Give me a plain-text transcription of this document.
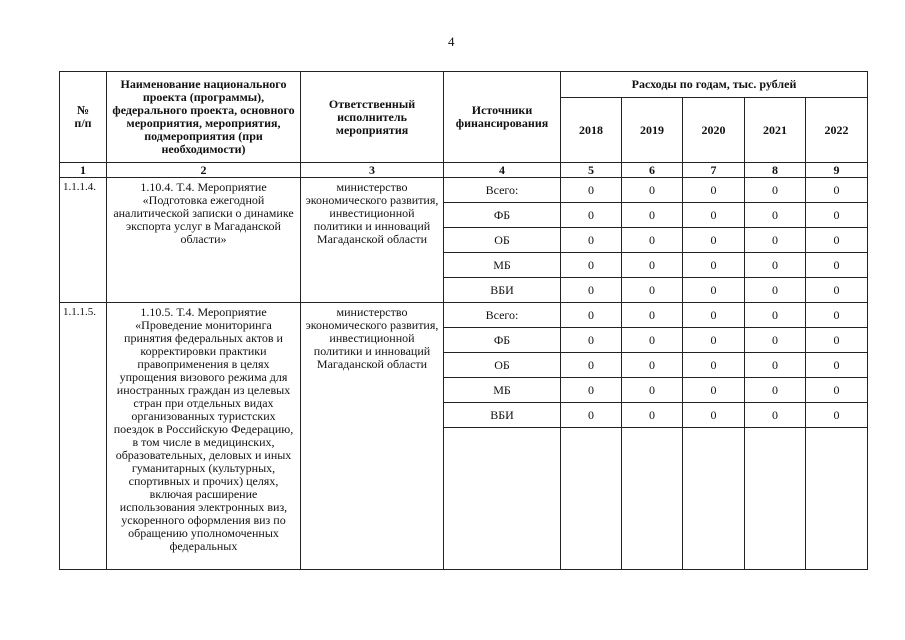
4
№
п/п	Наименование национального проекта (программы), федерального проекта, основного мероприятия, мероприятия, подмероприятия (при необходимости)	Ответственный исполнитель мероприятия	Источники финансирования	Расходы по годам, тыс. рублей				
				2018	2019	2020	2021	2022
1	2	3	4	5	6	7	8	9
1.1.1.4.	1.10.4. Т.4. Мероприятие «Подготовка ежегодной аналитической записки о динамике экспорта услуг в Магаданской области»	министерство экономического развития, инвестиционной политики и инноваций Магаданской области	Всего:	0	0	0	0	0
			ФБ	0	0	0	0	0
			ОБ	0	0	0	0	0
			МБ	0	0	0	0	0
			ВБИ	0	0	0	0	0
1.1.1.5.	1.10.5. Т.4. Мероприятие «Проведение мониторинга принятия федеральных актов и корректировки практики правоприменения в целях упрощения визового режима для иностранных граждан из целевых стран при отдельных видах организованных туристских поездок в Российскую Федерацию, в том числе в медицинских, образовательных, деловых и иных гуманитарных (культурных, спортивных и прочих) целях, включая расширение использования электронных виз, ускоренного оформления виз по обращению уполномоченных федеральных	министерство экономического развития, инвестиционной политики и инноваций Магаданской области	Всего:	0	0	0	0	0
			ФБ	0	0	0	0	0
			ОБ	0	0	0	0	0
			МБ	0	0	0	0	0
			ВБИ	0	0	0	0	0
